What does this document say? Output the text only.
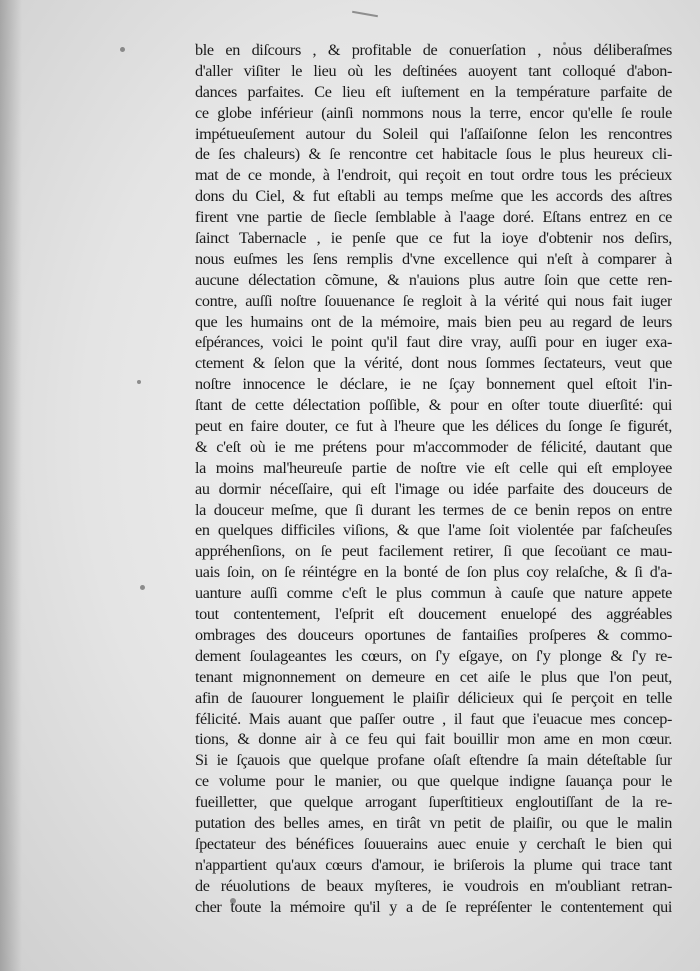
ble en diſcours , & profitable de conuerſation , nous déliberaſmes
d'aller viſiter le lieu où les deſtinées auoyent tant colloqué d'abon-
dances parfaites. Ce lieu eſt iuſtement en la température parfaite de
ce globe inférieur (ainſi nommons nous la terre, encor qu'elle ſe roule
impétueuſement autour du Soleil qui l'aſſaiſonne ſelon les rencontres
de ſes chaleurs) & ſe rencontre cet habitacle ſous le plus heureux cli-
mat de ce monde, à l'endroit, qui reçoit en tout ordre tous les précieux
dons du Ciel, & fut eſtabli au temps meſme que les accords des aſtres
firent vne partie de ſiecle ſemblable à l'aage doré. Eſtans entrez en ce
ſainct Tabernacle , ie penſe que ce fut la ioye d'obtenir nos deſirs,
nous euſmes les ſens remplis d'vne excellence qui n'eſt à comparer à
aucune délectation cõmune, & n'auions plus autre ſoin que cette ren-
contre, auſſi noſtre ſouuenance ſe regloit à la vérité qui nous fait iuger
que les humains ont de la mémoire, mais bien peu au regard de leurs
eſpérances, voici le point qu'il faut dire vray, auſſi pour en iuger exa-
ctement & ſelon que la vérité, dont nous ſommes ſectateurs, veut que
noſtre innocence le déclare, ie ne ſçay bonnement quel eſtoit l'in-
ſtant de cette délectation poſſible, & pour en oſter toute diuerſité: qui
peut en faire douter, ce fut à l'heure que les délices du ſonge ſe figurét,
& c'eſt où ie me prétens pour m'accommoder de félicité, dautant que
la moins mal'heureuſe partie de noſtre vie eſt celle qui eſt employee
au dormir néceſſaire, qui eſt l'image ou idée parfaite des douceurs de
la douceur meſme, que ſi durant les termes de ce benin repos on entre
en quelques difficiles viſions, & que l'ame ſoit violentée par faſcheuſes
appréhenſions, on ſe peut facilement retirer, ſi que ſecoüant ce mau-
uais ſoin, on ſe réintégre en la bonté de ſon plus coy relaſche, & ſi d'a-
uanture auſſi comme c'eſt le plus commun à cauſe que nature appete
tout contentement, l'eſprit eſt doucement enuelopé des aggréables
ombrages des douceurs oportunes de fantaiſies proſperes & commo-
dement ſoulageantes les cœurs, on ſ'y eſgaye, on ſ'y plonge & ſ'y re-
tenant mignonnement on demeure en cet aiſe le plus que l'on peut,
afin de ſauourer longuement le plaiſir délicieux qui ſe perçoit en telle
félicité. Mais auant que paſſer outre , il faut que i'euacue mes concep-
tions, & donne air à ce feu qui fait bouillir mon ame en mon cœur.
Si ie ſçauois que quelque profane oſaſt eſtendre ſa main déteſtable ſur
ce volume pour le manier, ou que quelque indigne ſauança pour le
fueilletter, que quelque arrogant ſuperſtitieux engloutiſſant de la re-
putation des belles ames, en tirât vn petit de plaiſir, ou que le malin
ſpectateur des bénéfices ſouuerains auec enuie y cerchaſt le bien qui
n'appartient qu'aux cœurs d'amour, ie briſerois la plume qui trace tant
de réuolutions de beaux myſteres, ie voudrois en m'oubliant retran-
cher toute la mémoire qu'il y a de ſe repréſenter le contentement qui
